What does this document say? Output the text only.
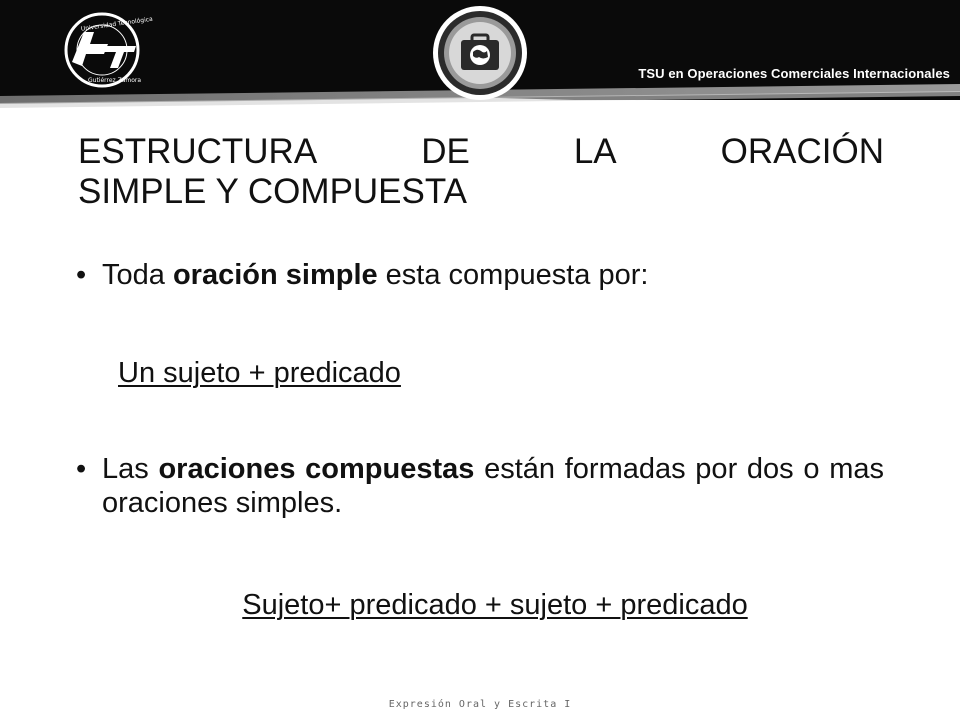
Universidad Tecnológica
Gutiérrez Zamora	TSU en Operaciones Comerciales Internacionales
ESTRUCTURA	DE	LA	ORACIÓN
SIMPLE Y COMPUESTA
• Toda oración simple esta compuesta por:
Un sujeto + predicado
• Las oraciones compuestas están formadas por dos o mas oraciones simples.
Sujeto+ predicado + sujeto + predicado
Expresión Oral y Escrita I
